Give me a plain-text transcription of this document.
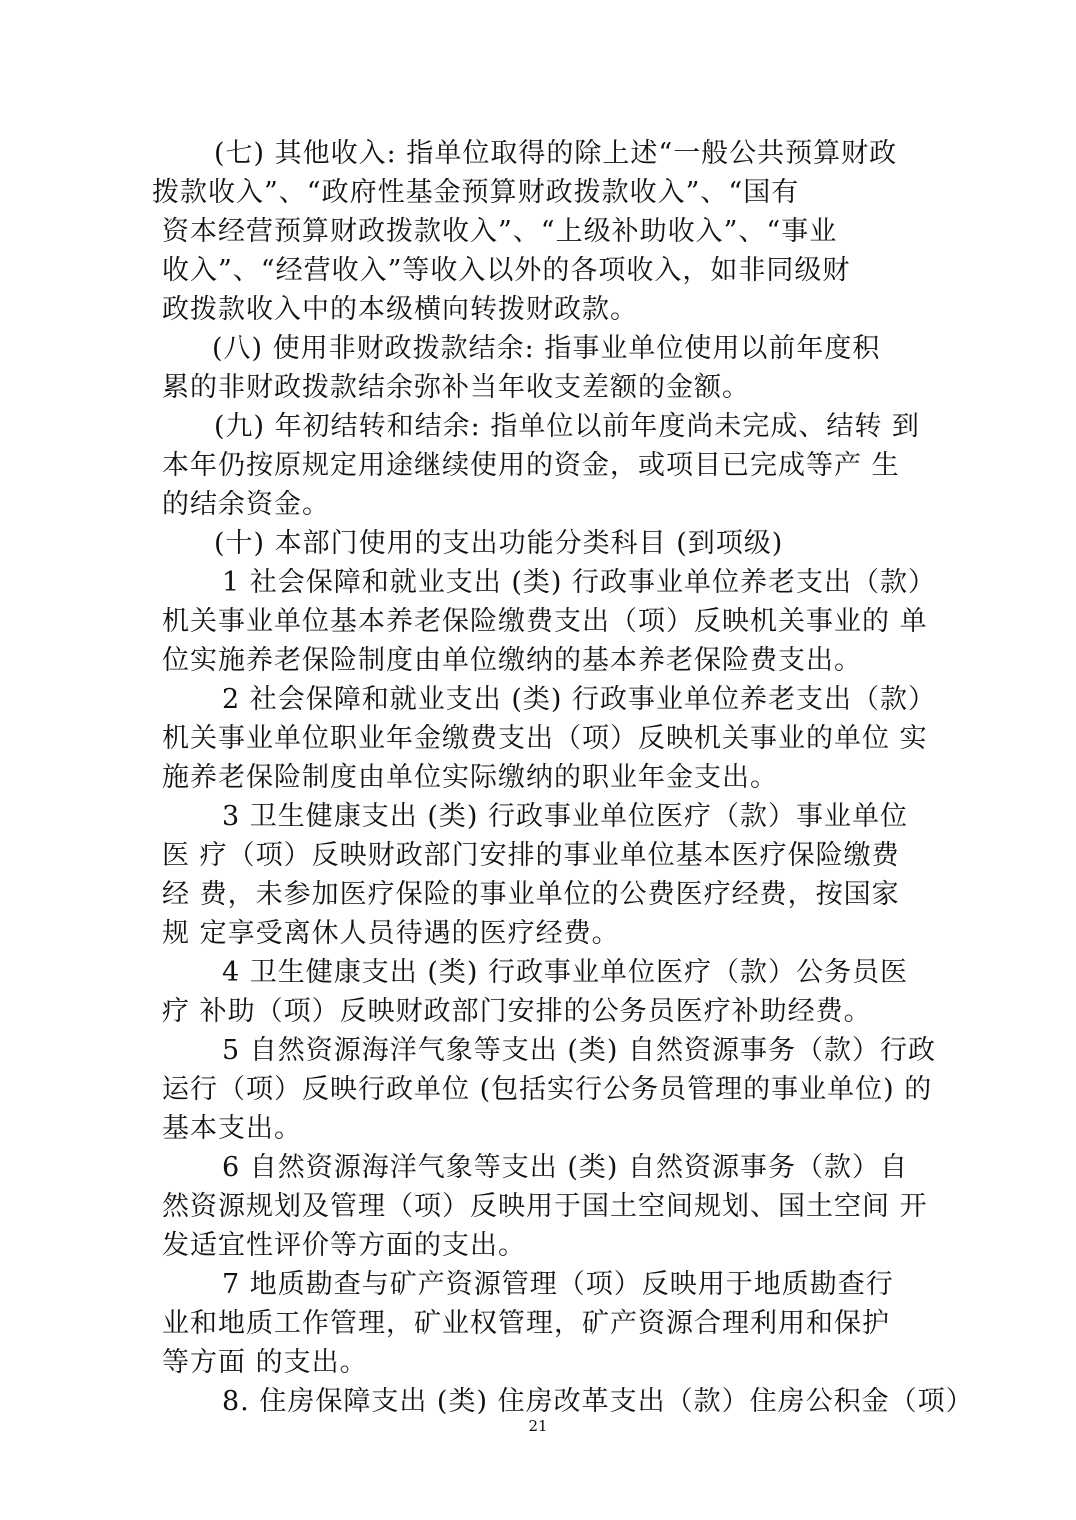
(七) 其他收入: 指单位取得的除上述“一般公共预算财政
拨款收入”、“政府性基金预算财政拨款收入”、“国有
资本经营预算财政拨款收入”、“上级补助收入”、“事业
收入”、“经营收入”等收入以外的各项收入，如非同级财
政拨款收入中的本级横向转拨财政款。
(八) 使用非财政拨款结余: 指事业单位使用以前年度积
累的非财政拨款结余弥补当年收支差额的金额。
(九) 年初结转和结余: 指单位以前年度尚未完成、结转 到
本年仍按原规定用途继续使用的资金，或项目已完成等产 生
的结余资金。
(十) 本部门使用的支出功能分类科目 (到项级)
1 社会保障和就业支出 (类) 行政事业单位养老支出（款）
机关事业单位基本养老保险缴费支出（项）反映机关事业的 单
位实施养老保险制度由单位缴纳的基本养老保险费支出。
2 社会保障和就业支出 (类) 行政事业单位养老支出（款）
机关事业单位职业年金缴费支出（项）反映机关事业的单位 实
施养老保险制度由单位实际缴纳的职业年金支出。
3 卫生健康支出 (类) 行政事业单位医疗（款）事业单位
医 疗（项）反映财政部门安排的事业单位基本医疗保险缴费
经 费，未参加医疗保险的事业单位的公费医疗经费，按国家
规 定享受离休人员待遇的医疗经费。
4 卫生健康支出 (类) 行政事业单位医疗（款）公务员医
疗 补助（项）反映财政部门安排的公务员医疗补助经费。
5 自然资源海洋气象等支出 (类) 自然资源事务（款）行政
运行（项）反映行政单位 (包括实行公务员管理的事业单位) 的
基本支出。
6 自然资源海洋气象等支出 (类) 自然资源事务（款）自
然资源规划及管理（项）反映用于国土空间规划、国土空间 开
发适宜性评价等方面的支出。
7 地质勘查与矿产资源管理（项）反映用于地质勘查行
业和地质工作管理，矿业权管理，矿产资源合理利用和保护
等方面 的支出。
8. 住房保障支出 (类) 住房改革支出（款）住房公积金（项）
21
